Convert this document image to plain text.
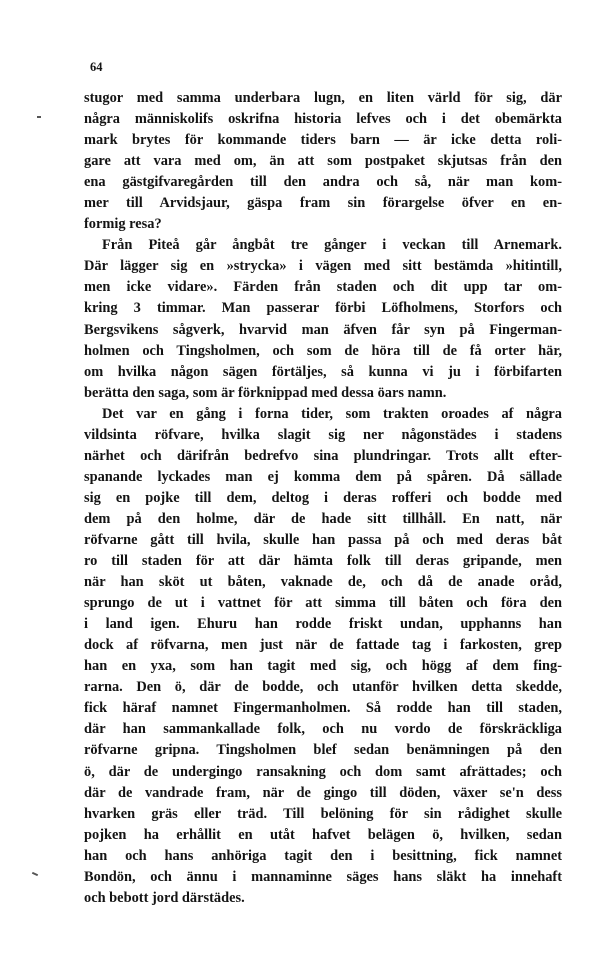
64
stugor med samma underbara lugn, en liten värld för sig, där
några människolifs oskrifna historia lefves och i det obemärkta
mark brytes för kommande tiders barn — är icke detta roli-
gare att vara med om, än att som postpaket skjutsas från den
ena gästgifvaregården till den andra och så, när man kom-
mer till Arvidsjaur, gäspa fram sin förargelse öfver en en-
formig resa?
Från Piteå går ångbåt tre gånger i veckan till Arnemark.
Där lägger sig en »strycka» i vägen med sitt bestämda »hitintill,
men icke vidare». Färden från staden och dit upp tar om-
kring 3 timmar. Man passerar förbi Löfholmens, Storfors och
Bergsvikens sågverk, hvarvid man äfven får syn på Fingerman-
holmen och Tingsholmen, och som de höra till de få orter här,
om hvilka någon sägen förtäljes, så kunna vi ju i förbifarten
berätta den saga, som är förknippad med dessa öars namn.
Det var en gång i forna tider, som trakten oroades af några
vildsinta röfvare, hvilka slagit sig ner någonstädes i stadens
närhet och därifrån bedrefvo sina plundringar. Trots allt efter-
spanande lyckades man ej komma dem på spåren. Då sällade
sig en pojke till dem, deltog i deras rofferi och bodde med
dem på den holme, där de hade sitt tillhåll. En natt, när
röfvarne gått till hvila, skulle han passa på och med deras båt
ro till staden för att där hämta folk till deras gripande, men
när han sköt ut båten, vaknade de, och då de anade oråd,
sprungo de ut i vattnet för att simma till båten och föra den
i land igen. Ehuru han rodde friskt undan, upphanns han
dock af röfvarna, men just när de fattade tag i farkosten, grep
han en yxa, som han tagit med sig, och högg af dem fing-
rarna. Den ö, där de bodde, och utanför hvilken detta skedde,
fick häraf namnet Fingermanholmen. Så rodde han till staden,
där han sammankallade folk, och nu vordo de förskräckliga
röfvarne gripna. Tingsholmen blef sedan benämningen på den
ö, där de undergingo ransakning och dom samt afrättades; och
där de vandrade fram, när de gingo till döden, växer se'n dess
hvarken gräs eller träd. Till belöning för sin rådighet skulle
pojken ha erhållit en utåt hafvet belägen ö, hvilken, sedan
han och hans anhöriga tagit den i besittning, fick namnet
Bondön, och ännu i mannaminne säges hans släkt ha innehaft
och bebott jord därstädes.
